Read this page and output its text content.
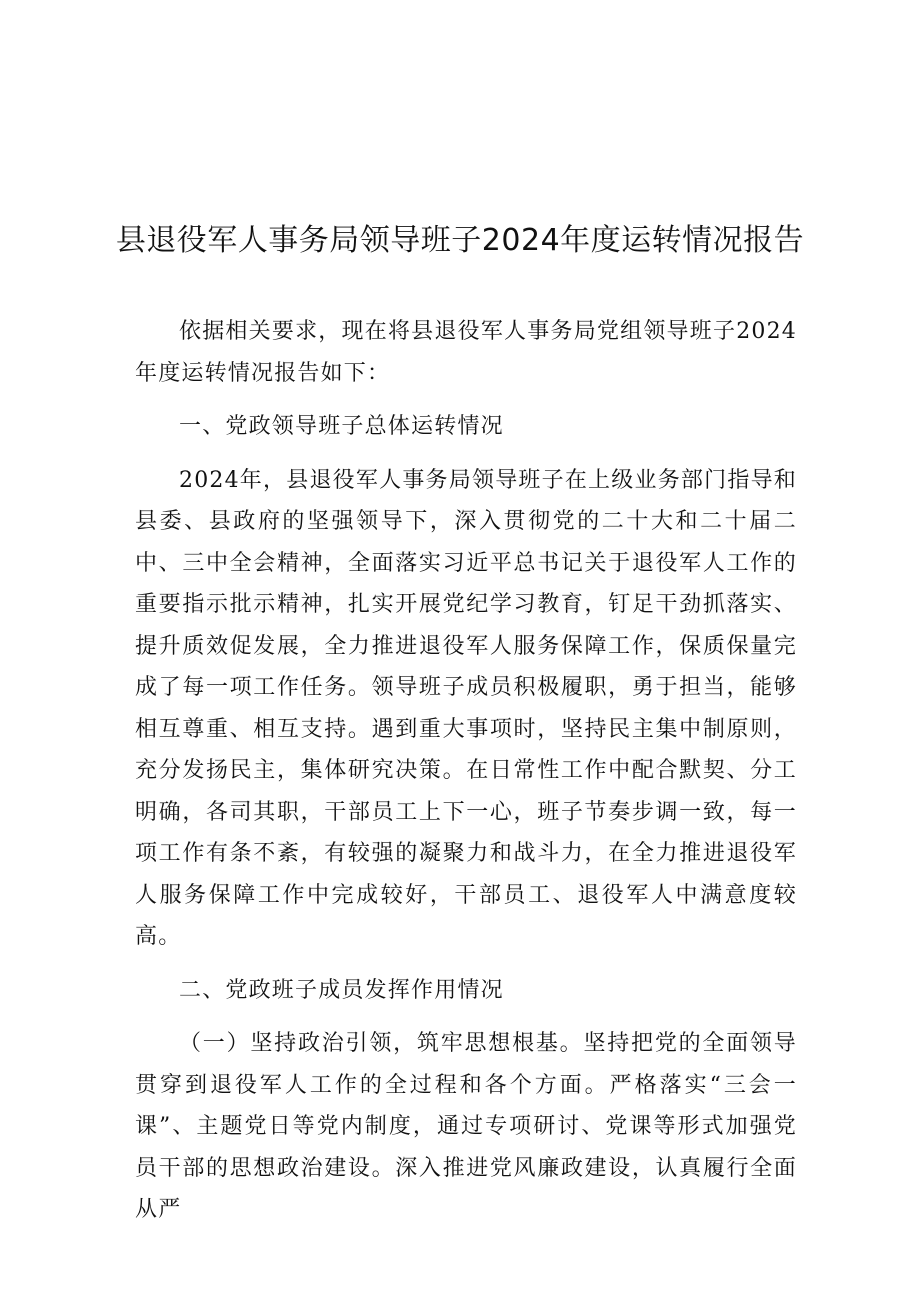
县退役军人事务局领导班子2024年度运转情况报告

依据相关要求，现在将县退役军人事务局党组领导班子2024年度运转情况报告如下：

一、党政领导班子总体运转情况

2024年，县退役军人事务局领导班子在上级业务部门指导和县委、县政府的坚强领导下，深入贯彻党的二十大和二十届二中、三中全会精神，全面落实习近平总书记关于退役军人工作的重要指示批示精神，扎实开展党纪学习教育，钉足干劲抓落实、提升质效促发展，全力推进退役军人服务保障工作，保质保量完成了每一项工作任务。领导班子成员积极履职，勇于担当，能够相互尊重、相互支持。遇到重大事项时，坚持民主集中制原则，充分发扬民主，集体研究决策。在日常性工作中配合默契、分工明确，各司其职，干部员工上下一心，班子节奏步调一致，每一项工作有条不紊，有较强的凝聚力和战斗力，在全力推进退役军人服务保障工作中完成较好，干部员工、退役军人中满意度较高。

二、党政班子成员发挥作用情况

（一）坚持政治引领，筑牢思想根基。坚持把党的全面领导贯穿到退役军人工作的全过程和各个方面。严格落实“三会一课”、主题党日等党内制度，通过专项研讨、党课等形式加强党员干部的思想政治建设。深入推进党风廉政建设，认真履行全面从严
